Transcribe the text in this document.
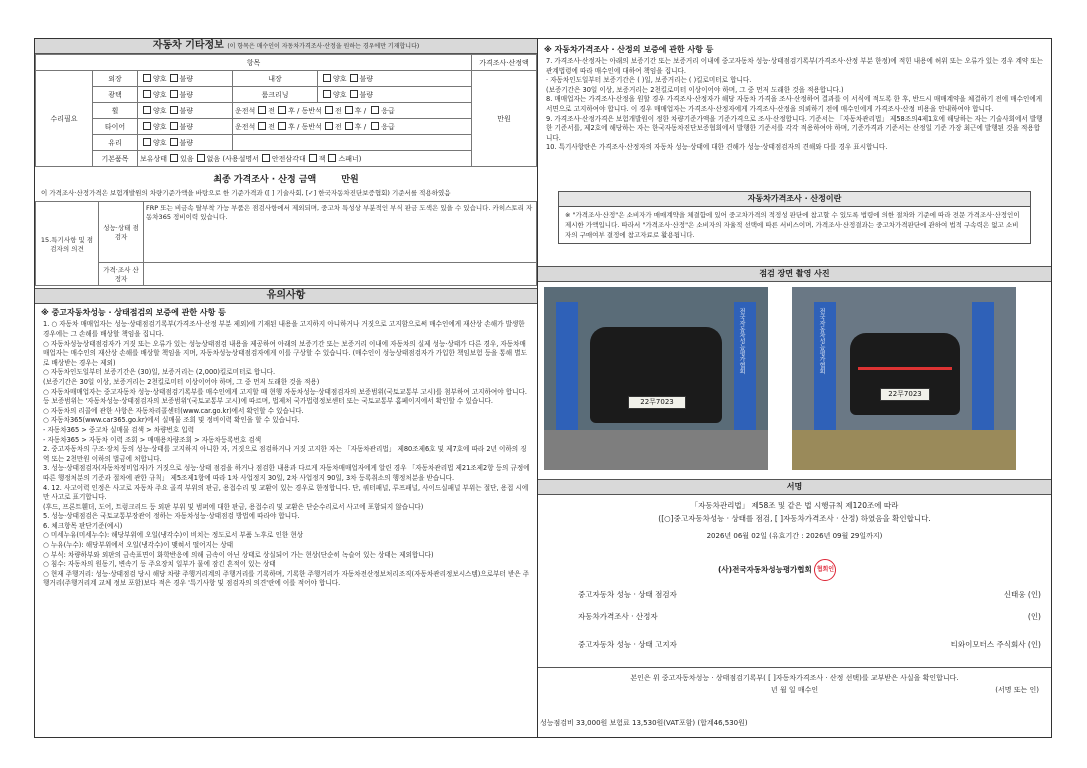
자동차 기타정보 (이 항목은 매수인이 자동차가격조사·산정을 원하는 경우에만 기재합니다)
항목					가격조사·산정액
수리필요	외장	양호 불량	내장	양호 불량	만원
	광택	양호 불량	룸크리닝	양호 불량	
	휠	양호 불량	운전석 전 후 / 동반석 전 후 / 응급		
	타이어	양호 불량	운전석 전 후 / 동반석 전 후 / 응급		
	유리	양호 불량			
	기본품목	보유상태 있음 없음 (사용설명서 안전삼각대 잭 스패너)			
최종 가격조사 · 산정 금액	만원
이 가격조사·산정가격은 보험개발원의 차량기준가액을 바탕으로 한 기준가격과 ([ ] 기술사회, [✓] 한국자동차진단보증협회) 기준서를 적용하였음
15.특기사항 및 점검자의 의견	성능·상태 점검자	FRP 또는 비금속 탈부착 가능 부품은 점검사항에서 제외되며, 중고차 특성상 부분적인 부식 판금 도색은 있을 수 있습니다. 카히스토리 자동차365 정비이력 있습니다.
	가격·조사 산정자	
유의사항
※ 중고자동차성능 · 상태점검의 보증에 관한 사항 등
1. ○ 자동차 매매업자는 성능·상태점검기록부(가격조사·산정 부분 제외)에 기재된 내용을 고지하지 아니하거나 거짓으로 고지함으로써 매수인에게 재산상 손해가 발생한 경우에는 그 손해를 배상할 책임을 집니다.
○ 자동차성능상태점검자가 거짓 또는 오류가 있는 성능상태점검 내용을 제공하여 아래의 보증기간 또는 보증거리 이내에 자동차의 실제 성능·상태가 다른 경우, 자동차매매업자는 매수인의 재산상 손해를 배상할 책임을 지며, 자동차성능상태점검자에게 이를 구상할 수 있습니다. (매수인이 성능상태점검자가 가입한 책임보험 등을 통해 별도로 배상받는 경우는 제외)
○ 자동차인도일부터 보증기간은 (30)일, 보증거리는 (2,000)킬로미터로 합니다.
(보증기간은 30일 이상, 보증거리는 2천킬로미터 이상이어야 하며, 그 중 먼저 도래한 것을 적용)
○ 자동차매매업자는 중고자동차 성능·상태점검기록부를 매수인에게 고지할 때 현행 자동차성능·상태점검자의 보증범위(국토교통부 고시)를 첨부하여 고지하여야 합니다. 등 보증범위는 '자동차성능·상태점검자의 보증범위'(국토교통부 고시)에 따르며, 법제처 국가법령정보센터 또는 국토교통부 홈페이지에서 확인할 수 있습니다.
○ 자동차의 리콜에 관한 사항은 자동차리콜센터(www.car.go.kr)에서 확인할 수 있습니다.
○ 자동차365(www.car365.go.kr)에서 실매물 조회 및 정비이력 확인을 할 수 있습니다.
- 자동차365 > 중고차 실매물 검색 > 차량번호 입력
- 자동차365 > 자동차 이력 조회 > 매매용차량조회 > 자동차등록번호 검색
2. 중고자동차의 구조·장치 등의 성능·상태를 고지하지 아니한 자, 거짓으로 점검하거나 거짓 고지한 자는 「자동차관리법」 제80조제6호 및 제7호에 따라 2년 이하의 징역 또는 2천만원 이하의 벌금에 처합니다.
3. 성능·상태점검자(자동차정비업자)가 거짓으로 성능·상태 점검을 하거나 점검한 내용과 다르게 자동차매매업자에게 알린 경우 「자동차관리법 제21조제2항 등의 규정에 따른 행정처분의 기준과 절차에 관한 규칙」 제5조제1항에 따라 1차 사업정지 30일, 2차 사업정지 90일, 3차 등록취소의 행정처분을 받습니다.
4. 12. 사고이력 인정은 사고로 자동차 주요 골격 부위의 판금, 용접수리 및 교환이 있는 경우로 한정합니다. 단, 쿼터패널, 루프패널, 사이드실패널 부위는 절단, 용접 시에만 사고로 표기합니다.
(후드, 프론트휀더, 도어, 트렁크리드 등 외판 부위 및 범퍼에 대한 판금, 용접수리 및 교환은 단순수리로서 사고에 포함되지 않습니다)
5. 성능·상태점검은 국토교통부장관이 정하는 자동차성능·상태점검 방법에 따라야 합니다.
6. 체크항목 판단기준(예시)
○ 미세누유(미세누수): 해당부위에 오일(냉각수)이 비치는 정도로서 부품 노후로 인한 현상
○ 누유(누수): 해당부위에서 오일(냉각수)이 맺혀서 떨어지는 상태
○ 부식: 차량하부와 외판의 금속표면이 화학반응에 의해 금속이 아닌 상태로 상실되어 가는 현상(단순히 녹슬어 있는 상태는 제외합니다)
○ 침수: 자동차의 원동기, 변속기 등 주요장치 일부가 물에 잠긴 흔적이 있는 상태
○ 현재 주행거리: 성능·상태점검 당시 해당 차량 주행거리계의 주행거리를 기록하며, 기록한 주행거리가 자동차전산정보처리조직(자동차관리정보시스템)으로부터 받은 주행거리(주행거리계 교체 정보 포함)보다 적은 경우 '특기사항 및 점검자의 의견'란에 이를 적어야 합니다.
※ 자동차가격조사 · 산정의 보증에 관한 사항 등
7. 가격조사·산정자는 아래의 보증기간 또는 보증거리 이내에 중고자동차 성능·상태점검기록부(가격조사·산정 부분 한정)에 적힌 내용에 허위 또는 오류가 있는 경우 계약 또는 관계법령에 따라 매수인에 대하여 책임을 집니다.
· 자동차인도일부터 보증기간은 ( )일, 보증거리는 ( )킬로미터로 합니다.
(보증기간은 30일 이상, 보증거리는 2천킬로미터 이상이어야 하며, 그 중 먼저 도래한 것을 적용합니다.)
8. 매매업자는 가격조사·산정을 원할 경우 가격조사·산정자가 해당 자동차 가격을 조사·산정하여 결과를 이 서식에 적도록 한 후, 반드시 매매계약을 체결하기 전에 매수인에게 서면으로 고지하여야 합니다. 이 경우 매매업자는 가격조사·산정자에게 가격조사·산정을 의뢰하기 전에 매수인에게 가격조사·산정 비용을 안내하여야 합니다.
9. 가격조사·산정가격은 보험개발원이 정한 차량기준가액을 기준가격으로 조사·산정합니다. 기준서는 「자동차관리법」 제58조의4제1호에 해당하는 자는 기술사회에서 발행한 기준서를, 제2호에 해당하는 자는 한국자동차진단보증협회에서 발행한 기준서를 각각 적용하여야 하며, 기준가격과 기준서는 산정일 기준 가장 최근에 발행된 것을 적용합니다.
10. 특기사항란은 가격조사·산정자의 자동차 성능·상태에 대한 견해가 성능·상태점검자의 견해와 다를 경우 표시합니다.
자동차가격조사 · 산정이란
※ "가격조사·산정"은 소비자가 매매계약을 체결함에 있어 중고차가격의 적정성 판단에 참고할 수 있도록 법령에 의한 절차와 기준에 따라 전문 가격조사·산정인이 제시한 가액입니다. 따라서 "가격조사·산정"은 소비자의 자율적 선택에 따른 서비스이며, 가격조사·산정결과는 중고차가격판단에 관하여 법적 구속력은 없고 소비자의 구매여부 결정에 참고자료로 활용됩니다.
점검 장면 촬영 사진
전국자동차성능평가협회
22무7023
전국자동차성능평가협회
22무7023
서명
「자동차관리법」 제58조 및 같은 법 시행규칙 제120조에 따라
([○]중고자동차성능 · 상태를 점검, [ ]자동차가격조사 · 산정) 하였음을 확인합니다.
2026년 06월 02일 (유효기간 : 2026년 09월 29일까지)
(사)전국자동차성능평가협회 협회인
중고자동차 성능 · 상태 점검자	신태웅 (인)
자동차가격조사 · 산정자	(인)
중고자동차 성능 · 상태 고지자	티와이모터스 주식회사 (인)
본인은 위 중고자동차성능 · 상태점검기록부( [ ]자동차가격조사 · 산정 선택)를 교부받은 사실을 확인합니다.
년 월 일 매수인	(서명 또는 인)
성능점검비 33,000원 보험료 13,530원(VAT포함) (합계46,530원)
